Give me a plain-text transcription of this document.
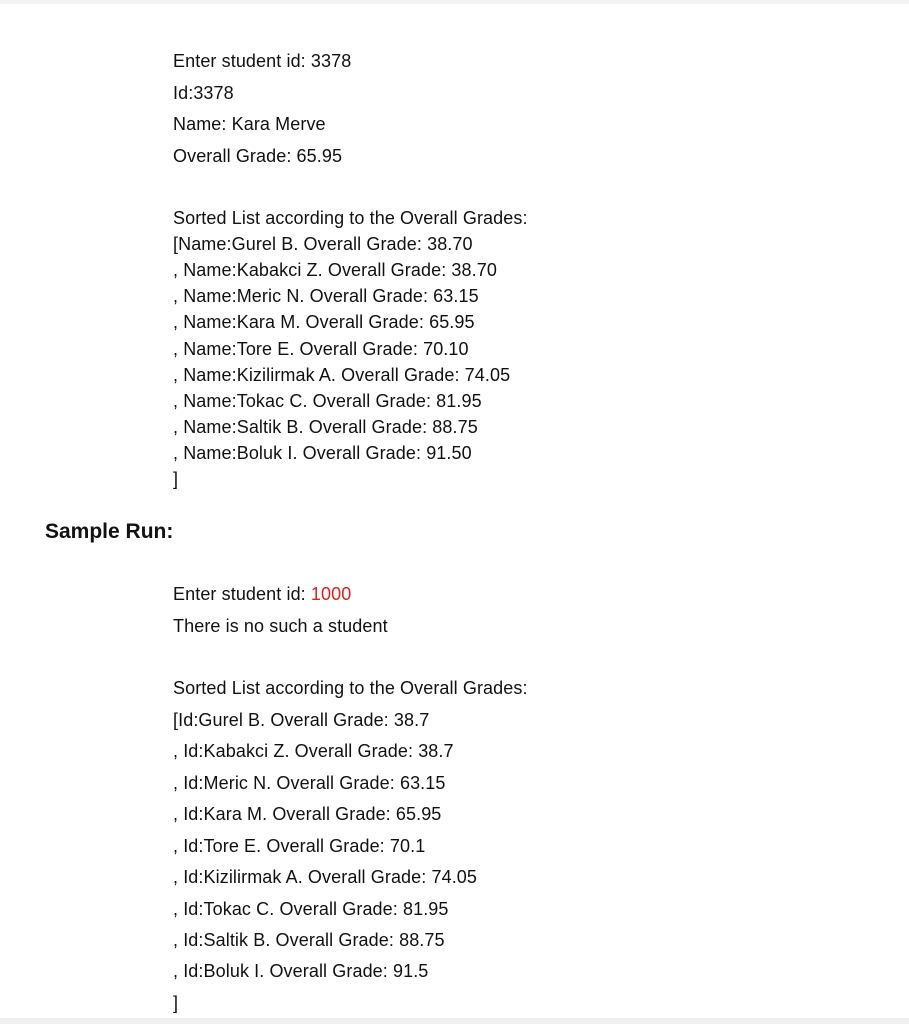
Enter student id: 3378
Id:3378
Name: Kara Merve
Overall Grade: 65.95
Sorted List according to the Overall Grades:
[Name:Gurel B. Overall Grade: 38.70
, Name:Kabakci Z. Overall Grade: 38.70
, Name:Meric N. Overall Grade: 63.15
, Name:Kara M. Overall Grade: 65.95
, Name:Tore E. Overall Grade: 70.10
, Name:Kizilirmak A. Overall Grade: 74.05
, Name:Tokac C. Overall Grade: 81.95
, Name:Saltik B. Overall Grade: 88.75
, Name:Boluk I. Overall Grade: 91.50
]
Sample Run:
Enter student id: 1000
There is no such a student
Sorted List according to the Overall Grades:
[Id:Gurel B. Overall Grade: 38.7
, Id:Kabakci Z. Overall Grade: 38.7
, Id:Meric N. Overall Grade: 63.15
, Id:Kara M. Overall Grade: 65.95
, Id:Tore E. Overall Grade: 70.1
, Id:Kizilirmak A. Overall Grade: 74.05
, Id:Tokac C. Overall Grade: 81.95
, Id:Saltik B. Overall Grade: 88.75
, Id:Boluk I. Overall Grade: 91.5
]
